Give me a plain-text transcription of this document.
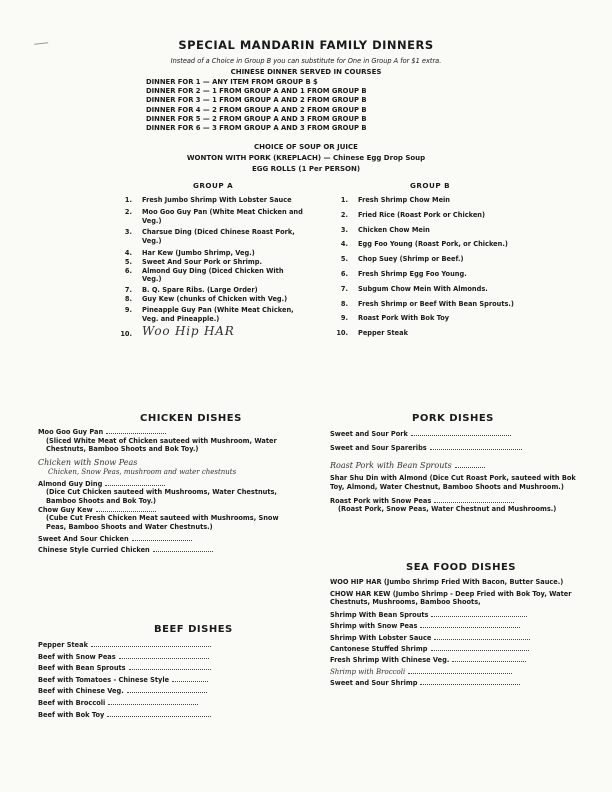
SPECIAL MANDARIN FAMILY DINNERS
Instead of a Choice in Group B you can substitute for One in Group A for $1 extra.
CHINESE DINNER SERVED IN COURSES
DINNER FOR 1 — ANY ITEM FROM GROUP B $
DINNER FOR 2 — 1 FROM GROUP A AND 1 FROM GROUP B
DINNER FOR 3 — 1 FROM GROUP A AND 2 FROM GROUP B
DINNER FOR 4 — 2 FROM GROUP A AND 2 FROM GROUP B
DINNER FOR 5 — 2 FROM GROUP A AND 3 FROM GROUP B
DINNER FOR 6 — 3 FROM GROUP A AND 3 FROM GROUP B
CHOICE OF SOUP OR JUICE
WONTON WITH PORK (KREPLACH) — Chinese Egg Drop Soup
EGG ROLLS (1 Per PERSON)
GROUP A
1. Fresh Jumbo Shrimp With Lobster Sauce
2. Moo Goo Guy Pan (White Meat Chicken and Veg.)
3. Charsue Ding (Diced Chinese Roast Pork, Veg.)
4. Har Kew (Jumbo Shrimp, Veg.)
5. Sweet And Sour Pork or Shrimp.
6. Almond Guy Ding (Diced Chicken With Veg.)
7. B. Q. Spare Ribs. (Large Order)
8. Guy Kew (chunks of Chicken with Veg.)
9. Pineapple Guy Pan (White Meat Chicken, Veg. and Pineapple.)
10. Woo Hip HAR
GROUP B
1. Fresh Shrimp Chow Mein
2. Fried Rice (Roast Pork or Chicken)
3. Chicken Chow Mein
4. Egg Foo Young (Roast Pork, or Chicken.)
5. Chop Suey (Shrimp or Beef.)
6. Fresh Shrimp Egg Foo Young.
7. Subgum Chow Mein With Almonds.
8. Fresh Shrimp or Beef With Bean Sprouts.)
9. Roast Pork With Bok Toy
10. Pepper Steak
CHICKEN DISHES
Moo Goo Guy Pan
(Sliced White Meat of Chicken sauteed with Mushroom, Water Chestnuts, Bamboo Shoots and Bok Toy.)
Chicken with Snow Peas
Chicken, Snow Peas, mushroom and water chestnuts
Almond Guy Ding
(Dice Cut Chicken sauteed with Mushrooms, Water Chestnuts, Bamboo Shoots and Bok Toy.)
Chow Guy Kew
(Cube Cut Fresh Chicken Meat sauteed with Mushrooms, Snow Peas, Bamboo Shoots and Water Chestnuts.)
Sweet And Sour Chicken
Chinese Style Curried Chicken
BEEF DISHES
Pepper Steak
Beef with Snow Peas
Beef with Bean Sprouts
Beef with Tomatoes - Chinese Style
Beef with Chinese Veg.
Beef with Broccoli
Beef with Bok Toy
PORK DISHES
Sweet and Sour Pork
Sweet and Sour Spareribs
Roast Pork with Bean Sprouts
Shar Shu Din with Almond (Dice Cut Roast Pork, sauteed with Bok Toy, Almond, Water Chestnut, Bamboo Shoots and Mushroom.)
Roast Pork with Snow Peas
(Roast Pork, Snow Peas, Water Chestnut and Mushrooms.)
SEA FOOD DISHES
WOO HIP HAR (Jumbo Shrimp Fried With Bacon, Butter Sauce.)
CHOW HAR KEW (Jumbo Shrimp - Deep Fried with Bok Toy, Water Chestnuts, Mushrooms, Bamboo Shoots,
Shrimp With Bean Sprouts
Shrimp with Snow Peas
Shrimp With Lobster Sauce
Cantonese Stuffed Shrimp
Fresh Shrimp With Chinese Veg.
Shrimp with Broccoli
Sweet and Sour Shrimp
